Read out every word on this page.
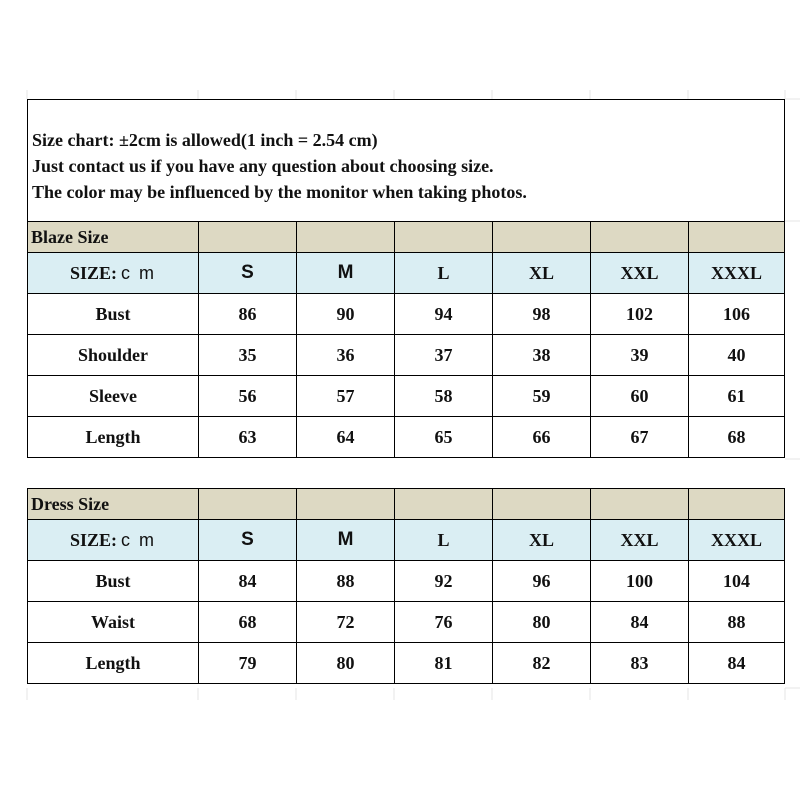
Size chart: ±2cm is allowed(1 inch = 2.54 cm)
Just contact us if you have any question about choosing size.
The color may be influenced by the monitor when taking photos.
Blaze Size
SIZE: c m	S	M	L	XL	XXL	XXXL
Bust	86	90	94	98	102	106
Shoulder	35	36	37	38	39	40
Sleeve	56	57	58	59	60	61
Length	63	64	65	66	67	68
Dress Size
SIZE: c m	S	M	L	XL	XXL	XXXL
Bust	84	88	92	96	100	104
Waist	68	72	76	80	84	88
Length	79	80	81	82	83	84
